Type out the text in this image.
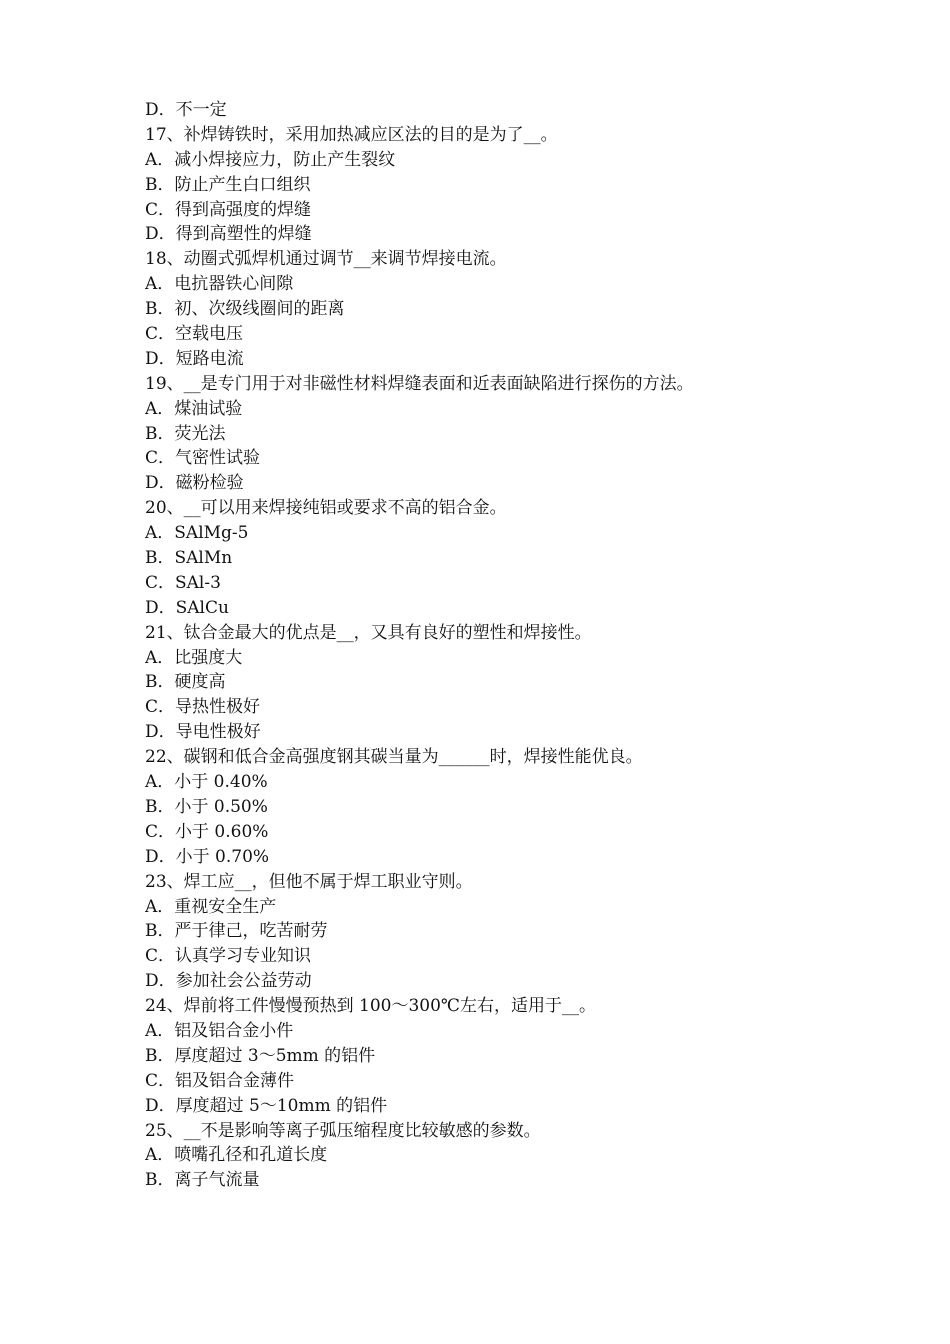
D．不一定
17、补焊铸铁时，采用加热减应区法的目的是为了__。
A．减小焊接应力，防止产生裂纹
B．防止产生白口组织
C．得到高强度的焊缝
D．得到高塑性的焊缝
18、动圈式弧焊机通过调节__来调节焊接电流。
A．电抗器铁心间隙
B．初、次级线圈间的距离
C．空载电压
D．短路电流
19、__是专门用于对非磁性材料焊缝表面和近表面缺陷进行探伤的方法。
A．煤油试验
B．荧光法
C．气密性试验
D．磁粉检验
20、__可以用来焊接纯铝或要求不高的铝合金。
A．SAlMg-5
B．SAlMn
C．SAl-3
D．SAlCu
21、钛合金最大的优点是__，又具有良好的塑性和焊接性。
A．比强度大
B．硬度高
C．导热性极好
D．导电性极好
22、碳钢和低合金高强度钢其碳当量为______时，焊接性能优良。
A．小于 0.40%
B．小于 0.50%
C．小于 0.60%
D．小于 0.70%
23、焊工应__，但他不属于焊工职业守则。
A．重视安全生产
B．严于律己，吃苦耐劳
C．认真学习专业知识
D．参加社会公益劳动
24、焊前将工件慢慢预热到 100～300℃左右，适用于__。
A．铝及铝合金小件
B．厚度超过 3～5mm 的铝件
C．铝及铝合金薄件
D．厚度超过 5～10mm 的铝件
25、__不是影响等离子弧压缩程度比较敏感的参数。
A．喷嘴孔径和孔道长度
B．离子气流量
